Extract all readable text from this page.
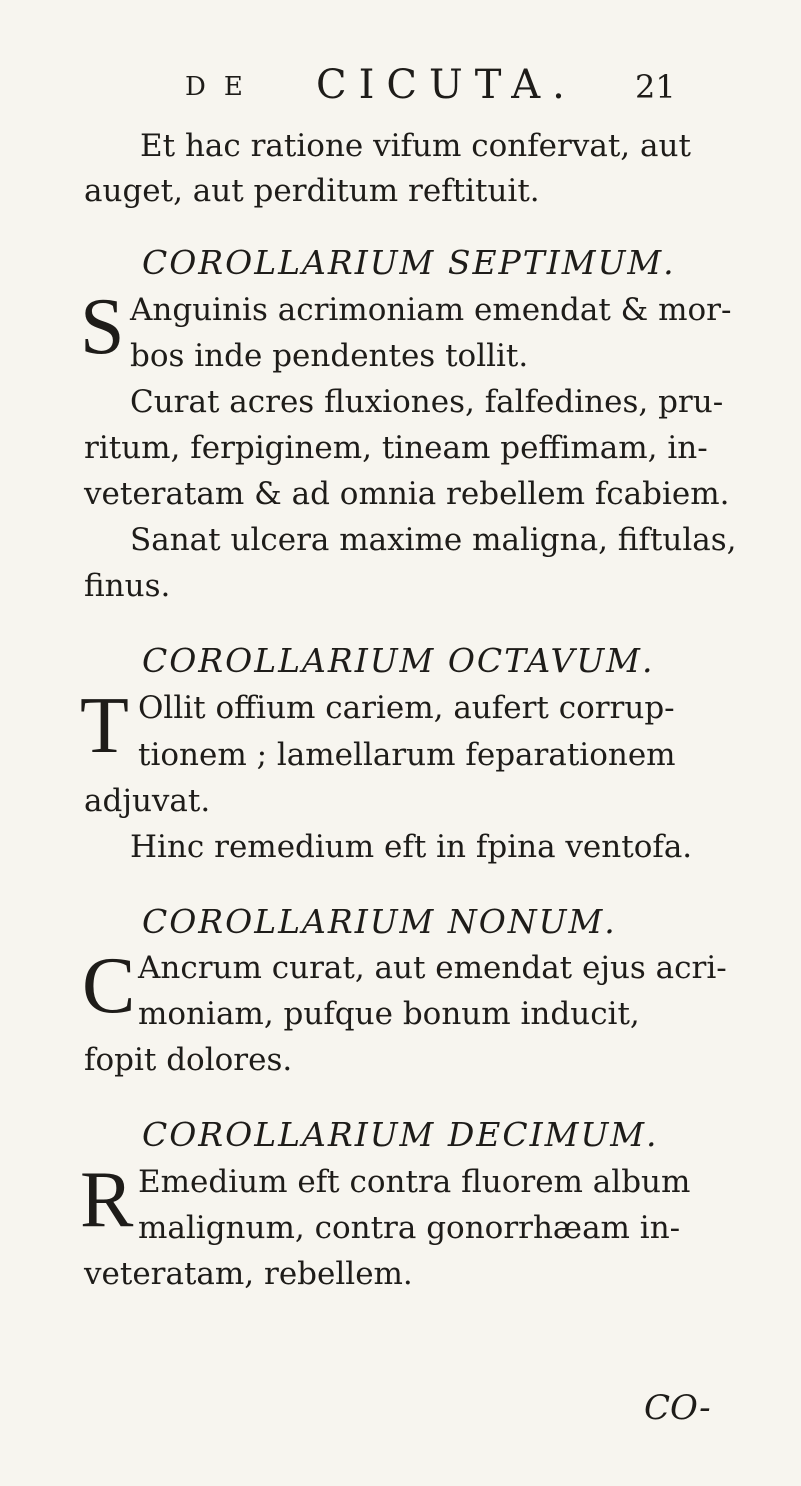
DE CICUTA. 21
Et hac ratione vifum confervat, aut
auget, aut perditum reftituit.
COROLLARIUM SEPTIMUM.
S Anguinis acrimoniam emendat & mor-
bos inde pendentes tollit.
Curat acres fluxiones, falfedines, pru-
ritum, ferpiginem, tineam peffimam, in-
veteratam & ad omnia rebellem fcabiem.
Sanat ulcera maxime maligna, fiftulas,
finus.
COROLLARIUM OCTAVUM.
T Ollit offium cariem, aufert corrup-
tionem ; lamellarum feparationem
adjuvat.
Hinc remedium eft in fpina ventofa.
COROLLARIUM NONUM.
C Ancrum curat, aut emendat ejus acri-
moniam, pufque bonum inducit,
fopit dolores.
COROLLARIUM DECIMUM.
R Emedium eft contra fluorem album
malignum, contra gonorrhæam in-
veteratam, rebellem.
CO-
